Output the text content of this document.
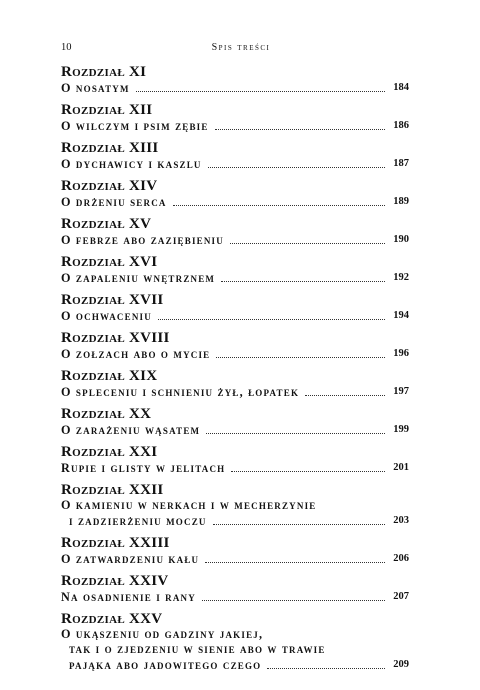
10	Spis treści
Rozdział XI
O nosatym	184
Rozdział XII
O wilczym i psim zębie	186
Rozdział XIII
O dychawicy i kaszlu	187
Rozdział XIV
O drżeniu serca	189
Rozdział XV
O febrze abo zaziębieniu	190
Rozdział XVI
O zapaleniu wnętrznem	192
Rozdział XVII
O ochwaceniu	194
Rozdział XVIII
O zołzach abo o mycie	196
Rozdział XIX
O spleceniu i schnieniu żył, łopatek	197
Rozdział XX
O zarażeniu wąsatem	199
Rozdział XXI
Rupie i glisty w jelitach	201
Rozdział XXII
O kamieniu w nerkach i w mecherzynie
i zadzierżeniu moczu	203
Rozdział XXIII
O zatwardzeniu kału	206
Rozdział XXIV
Na osadnienie i rany	207
Rozdział XXV
O ukąszeniu od gadziny jakiej,
tak i o zjedzeniu w sienie abo w trawie
pająka abo jadowitego czego	209
